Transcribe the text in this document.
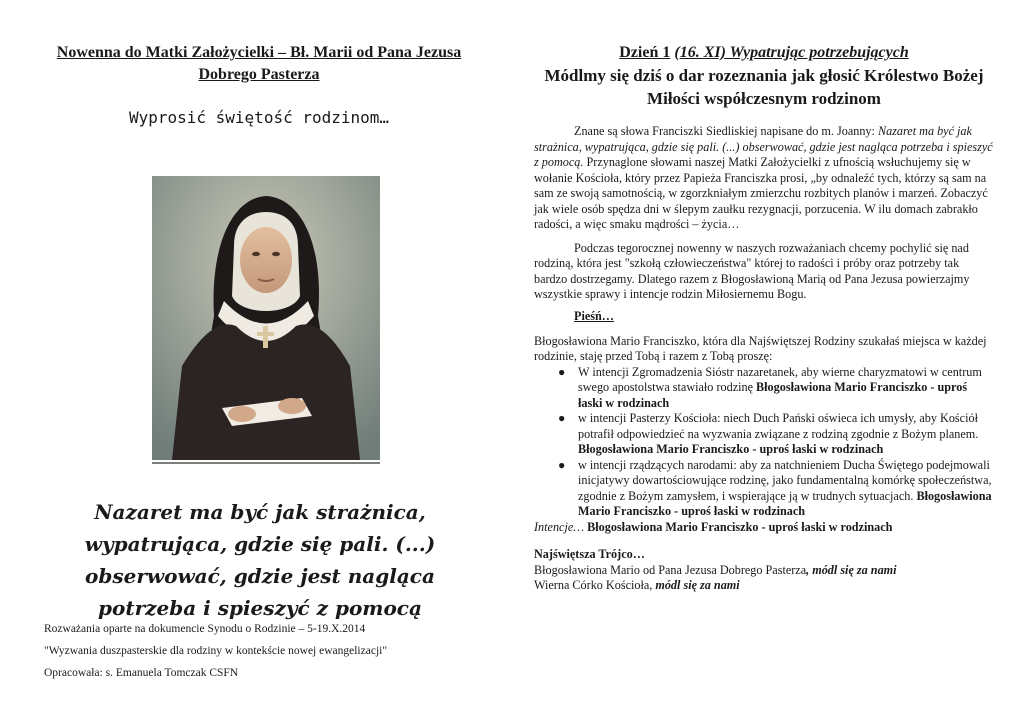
Nowenna do Matki Założycielki – Bł. Marii od Pana Jezusa Dobrego Pasterza
Wyprosić świętość rodzinom…
Nazaret ma być jak strażnica, wypatrująca, gdzie się pali. (...) obserwować, gdzie jest nagląca potrzeba i spieszyć z pomocą
Rozważania oparte na dokumencie Synodu o Rodzinie – 5-19.X.2014
"Wyzwania duszpasterskie dla rodziny w kontekście nowej ewangelizacji"
Opracowała: s. Emanuela Tomczak CSFN
Dzień 1 (16. XI) Wypatrując potrzebujących
Módlmy się dziś o dar rozeznania jak głosić Królestwo Bożej Miłości współczesnym rodzinom

Znane są słowa Franciszki Siedliskiej napisane do m. Joanny: Nazaret ma być jak strażnica, wypatrująca, gdzie się pali. (...) obserwować, gdzie jest nagląca potrzeba i spieszyć z pomocą. Przynaglone słowami naszej Matki Założycielki z ufnością wsłuchujemy się w wołanie Kościoła, który przez Papieża Franciszka prosi, „by odnaleźć tych, którzy są sam na sam ze swoją samotnością, w zgorzkniałym zmierzchu rozbitych planów i marzeń. Zobaczyć jak wiele osób spędza dni w ślepym zaułku rezygnacji, porzucenia. W ilu domach zabrakło radości, a więc smaku mądrości – życia…

Podczas tegorocznej nowenny w naszych rozważaniach chcemy pochylić się nad rodziną, która jest "szkołą człowieczeństwa" której to radości i próby oraz potrzeby tak bardzo dostrzegamy. Dlatego razem z Błogosławioną Marią od Pana Jezusa powierzajmy wszystkie sprawy i intencje rodzin Miłosiernemu Bogu.

Pieśń…
Błogosławiona Mario Franciszko, która dla Najświętszej Rodziny szukałaś miejsca w każdej rodzinie, staję przed Tobą i razem z Tobą proszę:
● W intencji Zgromadzenia Sióstr nazaretanek, aby wierne charyzmatowi w centrum swego apostolstwa stawiało rodzinę Błogosławiona Mario Franciszko - uproś łaski w rodzinach
● w intencji Pasterzy Kościoła: niech Duch Pański oświeca ich umysły, aby Kościół potrafił odpowiedzieć na wyzwania związane z rodziną zgodnie z Bożym planem. Błogosławiona Mario Franciszko - uproś łaski w rodzinach
● w intencji rządzących narodami: aby za natchnieniem Ducha Świętego podejmowali inicjatywy dowartościowujące rodzinę, jako fundamentalną komórkę społeczeństwa, zgodnie z Bożym zamysłem, i wspierające ją w trudnych sytuacjach. Błogosławiona Mario Franciszko - uproś łaski w rodzinach
Intencje… Błogosławiona Mario Franciszko - uproś łaski w rodzinach
Najświętsza Trójco…
Błogosławiona Mario od Pana Jezusa Dobrego Pasterza, módl się za nami
Wierna Córko Kościoła, módl się za nami
